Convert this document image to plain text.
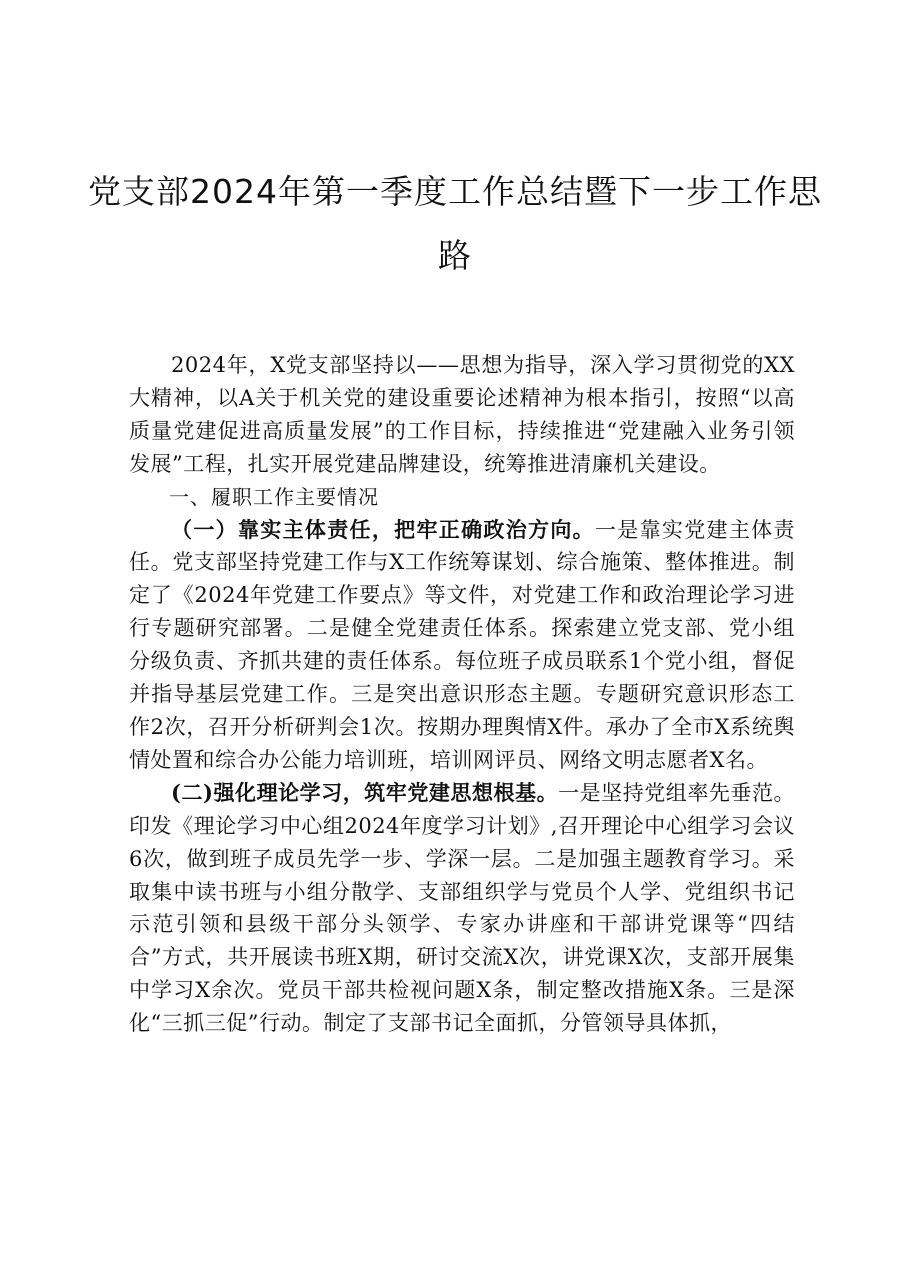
党支部2024年第一季度工作总结暨下一步工作思路

2024年，X党支部坚持以——思想为指导，深入学习贯彻党的XX大精神，以A关于机关党的建设重要论述精神为根本指引，按照“以高质量党建促进高质量发展”的工作目标，持续推进“党建融入业务引领发展”工程，扎实开展党建品牌建设，统筹推进清廉机关建设。

一、履职工作主要情况

（一）靠实主体责任，把牢正确政治方向。一是靠实党建主体责任。党支部坚持党建工作与X工作统筹谋划、综合施策、整体推进。制定了《2024年党建工作要点》等文件，对党建工作和政治理论学习进行专题研究部署。二是健全党建责任体系。探索建立党支部、党小组分级负责、齐抓共建的责任体系。每位班子成员联系1个党小组，督促并指导基层党建工作。三是突出意识形态主题。专题研究意识形态工作2次，召开分析研判会1次。按期办理舆情X件。承办了全市X系统舆情处置和综合办公能力培训班，培训网评员、网络文明志愿者X名。

(二)强化理论学习，筑牢党建思想根基。一是坚持党组率先垂范。印发《理论学习中心组2024年度学习计划》,召开理论中心组学习会议6次，做到班子成员先学一步、学深一层。二是加强主题教育学习。采取集中读书班与小组分散学、支部组织学与党员个人学、党组织书记示范引领和县级干部分头领学、专家办讲座和干部讲党课等“四结合”方式，共开展读书班X期，研讨交流X次，讲党课X次，支部开展集中学习X余次。党员干部共检视问题X条，制定整改措施X条。三是深化“三抓三促”行动。制定了支部书记全面抓，分管领导具体抓，
